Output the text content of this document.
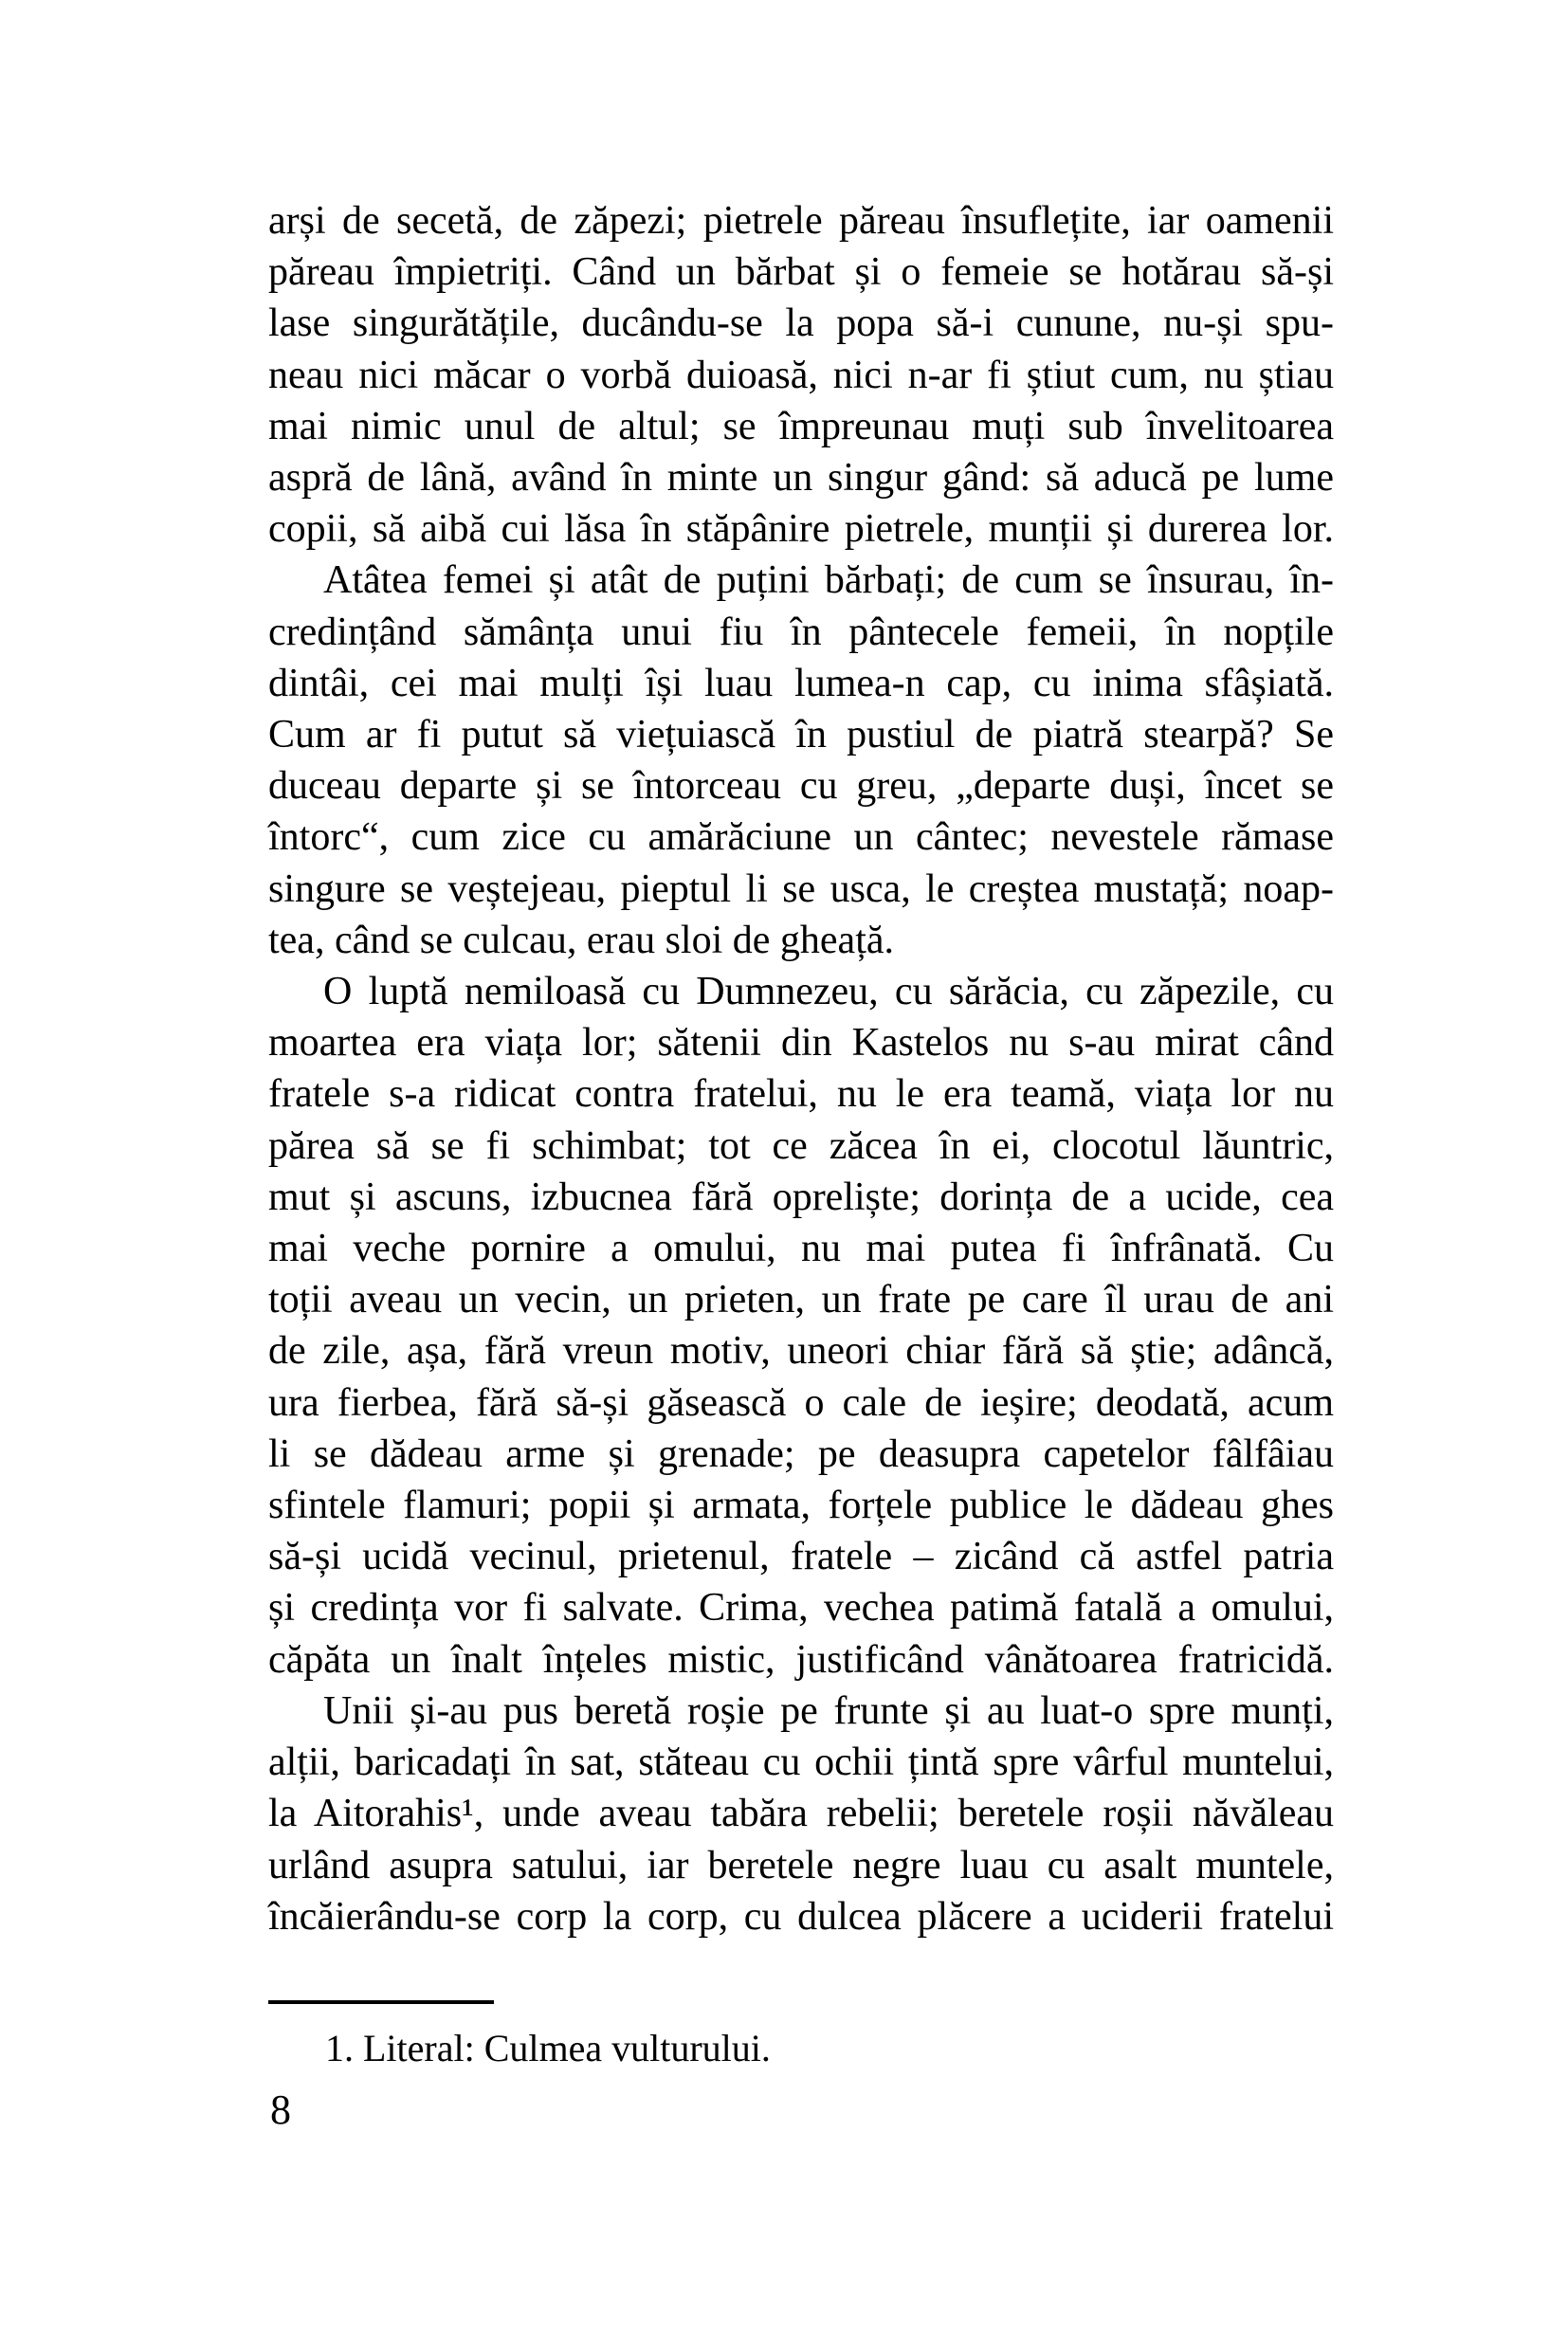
arși de secetă, de zăpezi; pietrele păreau însuflețite, iar oamenii
păreau împietriți. Când un bărbat și o femeie se hotărau să-și
lase singurătățile, ducându-se la popa să-i cunune, nu-și spu-
neau nici măcar o vorbă duioasă, nici n-ar fi știut cum, nu știau
mai nimic unul de altul; se împreunau muți sub învelitoarea
aspră de lână, având în minte un singur gând: să aducă pe lume
copii, să aibă cui lăsa în stăpânire pietrele, munții și durerea lor.
Atâtea femei și atât de puțini bărbați; de cum se însurau, în-
credințând sămânța unui fiu în pântecele femeii, în nopțile
dintâi, cei mai mulți își luau lumea-n cap, cu inima sfâșiată.
Cum ar fi putut să viețuiască în pustiul de piatră stearpă? Se
duceau departe și se întorceau cu greu, „departe duși, încet se
întorc“, cum zice cu amărăciune un cântec; nevestele rămase
singure se veștejeau, pieptul li se usca, le creștea mustață; noap-
tea, când se culcau, erau sloi de gheață.
O luptă nemiloasă cu Dumnezeu, cu sărăcia, cu zăpezile, cu
moartea era viața lor; sătenii din Kastelos nu s-au mirat când
fratele s-a ridicat contra fratelui, nu le era teamă, viața lor nu
părea să se fi schimbat; tot ce zăcea în ei, clocotul lăuntric,
mut și ascuns, izbucnea fără opreliște; dorința de a ucide, cea
mai veche pornire a omului, nu mai putea fi înfrânată. Cu
toții aveau un vecin, un prieten, un frate pe care îl urau de ani
de zile, așa, fără vreun motiv, uneori chiar fără să știe; adâncă,
ura fierbea, fără să-și găsească o cale de ieșire; deodată, acum
li se dădeau arme și grenade; pe deasupra capetelor fâlfâiau
sfintele flamuri; popii și armata, forțele publice le dădeau ghes
să-și ucidă vecinul, prietenul, fratele – zicând că astfel patria
și credința vor fi salvate. Crima, vechea patimă fatală a omului,
căpăta un înalt înțeles mistic, justificând vânătoarea fratricidă.
Unii și-au pus beretă roșie pe frunte și au luat-o spre munți,
alții, baricadați în sat, stăteau cu ochii țintă spre vârful muntelui,
la Aitorahis¹, unde aveau tabăra rebelii; beretele roșii năvăleau
urlând asupra satului, iar beretele negre luau cu asalt muntele,
încăierându-se corp la corp, cu dulcea plăcere a uciderii fratelui
1. Literal: Culmea vulturului.
8
